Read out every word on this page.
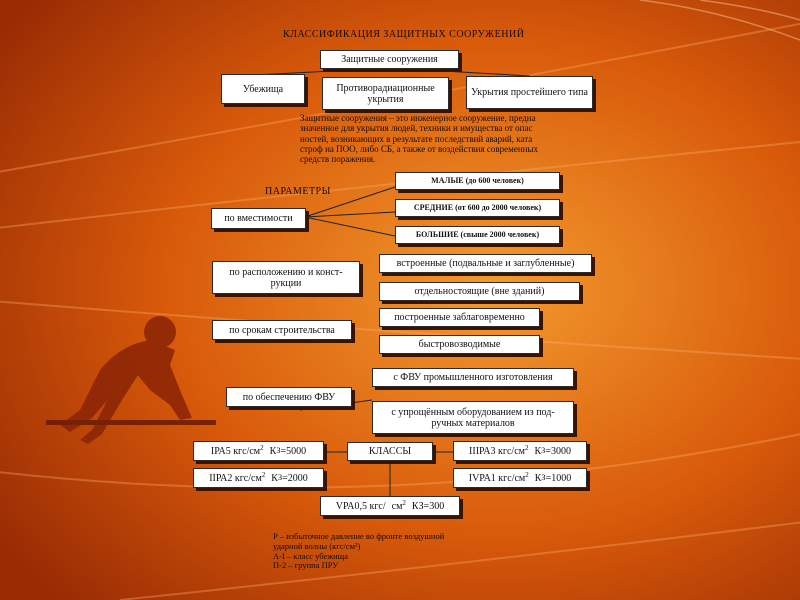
КЛАССИФИКАЦИЯ ЗАЩИТНЫХ СООРУЖЕНИЙ
Защитные сооружения
Убежища	Противорадиационные укрытия
Укрытия простейшего типа
Защитные сооружения – это инженерное сооружение, предна
значенное для укрытия людей, техники и имущества от опас
ностей, возникающих в результате последствий аварий, ката
строф на ПОО, либо СБ, а также от воздействия современных
средств поражения.
ПАРАМЕТРЫ
по вместимости
МАЛЫЕ (до 600 человек)
СРЕДНИЕ (от 600 до 2000 человек)
БОЛЬШИЕ (свыше 2000 человек)
по расположению и конст-рукции
встроенные (подвальные и заглубленные)
отдельностоящие (вне зданий)
по срокам строительства
построенные заблаговременно
быстровозводимые
по обеспечению ФВУ
с ФВУ промышленного изготовления
с упрощённым оборудованием из под-ручных материалов
КЛАССЫ
IРА5 кгс/$см^2$ К З =5000
IIРА2 кгс/$см^2$ К З =2000
IIIРА3 кгс/$см^2$ К З =3000
IVРА1 кгс/$см^2$ К З =1000
VРА0,5 кгс/ $см^2$ КЗ=300
Р – избыточное давление во фронте воздушной
ударной волны (кгс/см²)
А-I – класс убежища
П-2 – группа ПРУ
